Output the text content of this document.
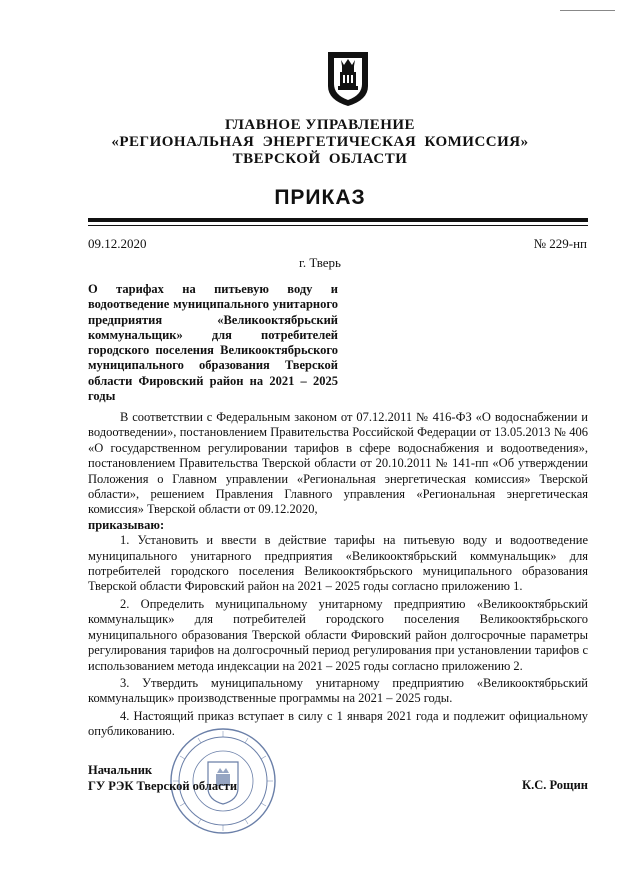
ГЛАВНОЕ УПРАВЛЕНИЕ
«РЕГИОНАЛЬНАЯ ЭНЕРГЕТИЧЕСКАЯ КОМИССИЯ»
ТВЕРСКОЙ ОБЛАСТИ
ПРИКАЗ
09.12.2020	№ 229-нп
г. Тверь
О тарифах на питьевую воду и водоотведение муниципального унитарного предприятия «Великооктябрьский коммунальщик» для потребителей городского поселения Великооктябрьского муниципального образования Тверской области Фировский район на 2021 – 2025 годы

В соответствии с Федеральным законом от 07.12.2011 № 416-ФЗ «О водоснабжении и водоотведении», постановлением Правительства Российской Федерации от 13.05.2013 № 406 «О государственном регулировании тарифов в сфере водоснабжения и водоотведения», постановлением Правительства Тверской области от 20.10.2011 № 141-пп «Об утверждении Положения о Главном управлении «Региональная энергетическая комиссия» Тверской области», решением Правления Главного управления «Региональная энергетическая комиссия» Тверской области от 09.12.2020,

приказываю:

1. Установить и ввести в действие тарифы на питьевую воду и водоотведение муниципального унитарного предприятия «Великооктябрьский коммунальщик» для потребителей городского поселения Великооктябрьского муниципального образования Тверской области Фировский район на 2021 – 2025 годы согласно приложению 1.

2. Определить муниципальному унитарному предприятию «Великооктябрьский коммунальщик» для потребителей городского поселения Великооктябрьского муниципального образования Тверской области Фировский район долгосрочные параметры регулирования тарифов на долгосрочный период регулирования при установлении тарифов с использованием метода индексации на 2021 – 2025 годы согласно приложению 2.

3. Утвердить муниципальному унитарному предприятию «Великооктябрьский коммунальщик» производственные программы на 2021 – 2025 годы.

4. Настоящий приказ вступает в силу с 1 января 2021 года и подлежит официальному опубликованию.

Начальник
ГУ РЭК Тверской области	К.С. Рощин
